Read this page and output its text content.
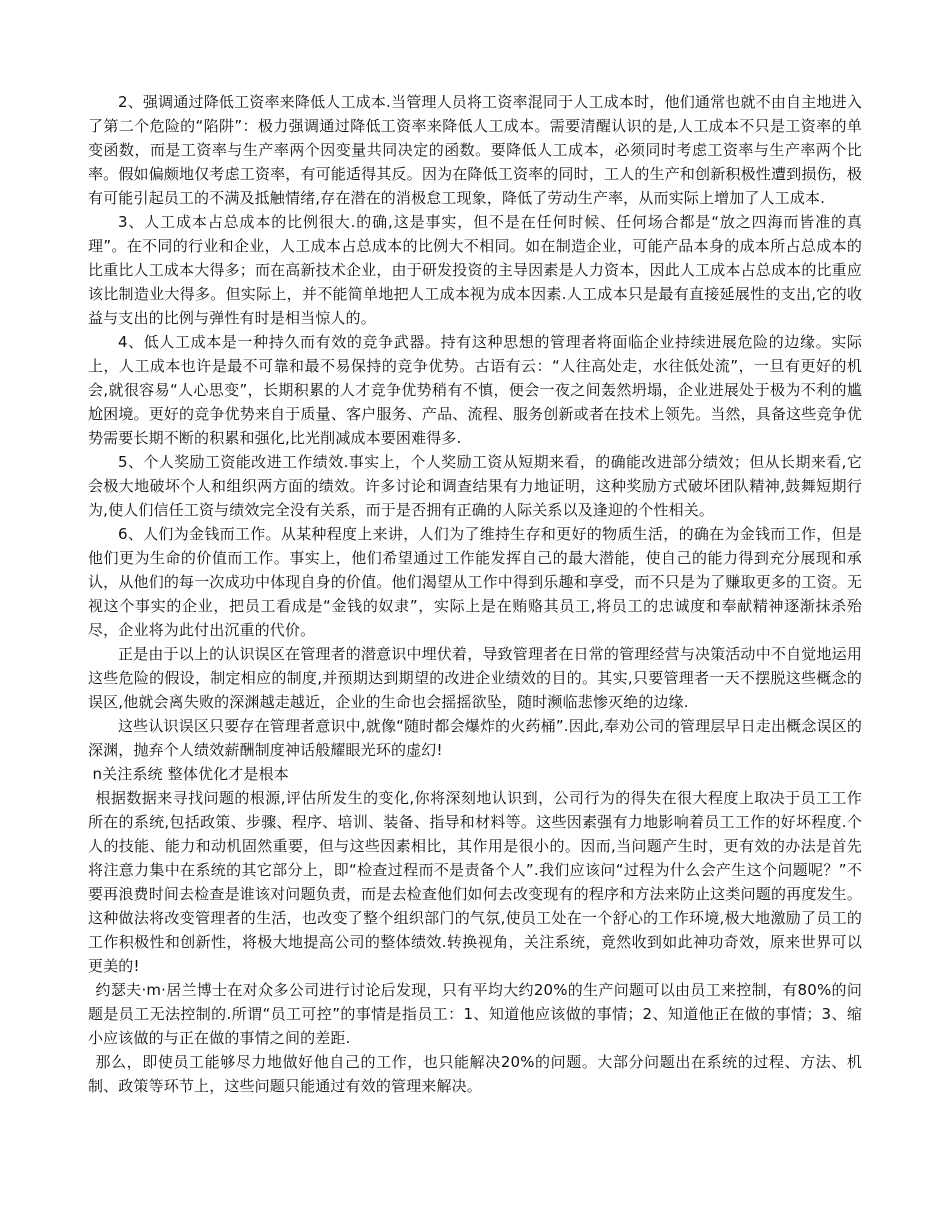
2、强调通过降低工资率来降低人工成本.当管理人员将工资率混同于人工成本时，他们通常也就不由自主地进入了第二个危险的“陷阱”：极力强调通过降低工资率来降低人工成本。需要清醒认识的是,人工成本不只是工资率的单变函数，而是工资率与生产率两个因变量共同决定的函数。要降低人工成本，必须同时考虑工资率与生产率两个比率。假如偏颇地仅考虑工资率，有可能适得其反。因为在降低工资率的同时，工人的生产和创新积极性遭到损伤，极有可能引起员工的不满及抵触情绪,存在潜在的消极怠工现象，降低了劳动生产率，从而实际上增加了人工成本.

3、人工成本占总成本的比例很大.的确,这是事实，但不是在任何时候、任何场合都是“放之四海而皆准的真理”。在不同的行业和企业，人工成本占总成本的比例大不相同。如在制造企业，可能产品本身的成本所占总成本的比重比人工成本大得多；而在高新技术企业，由于研发投资的主导因素是人力资本，因此人工成本占总成本的比重应该比制造业大得多。但实际上，并不能简单地把人工成本视为成本因素.人工成本只是最有直接延展性的支出,它的收益与支出的比例与弹性有时是相当惊人的。

4、低人工成本是一种持久而有效的竞争武器。持有这种思想的管理者将面临企业持续进展危险的边缘。实际上，人工成本也许是最不可靠和最不易保持的竞争优势。古语有云：“人往高处走，水往低处流”，一旦有更好的机会,就很容易“人心思变”，长期积累的人才竞争优势稍有不慎，便会一夜之间轰然坍塌，企业进展处于极为不利的尴尬困境。更好的竞争优势来自于质量、客户服务、产品、流程、服务创新或者在技术上领先。当然，具备这些竞争优势需要长期不断的积累和强化,比光削减成本要困难得多.

5、个人奖励工资能改进工作绩效.事实上，个人奖励工资从短期来看，的确能改进部分绩效；但从长期来看,它会极大地破坏个人和组织两方面的绩效。许多讨论和调查结果有力地证明，这种奖励方式破坏团队精神,鼓舞短期行为,使人们信任工资与绩效完全没有关系，而于是否拥有正确的人际关系以及逢迎的个性相关。

6、人们为金钱而工作。从某种程度上来讲，人们为了维持生存和更好的物质生活，的确在为金钱而工作，但是他们更为生命的价值而工作。事实上，他们希望通过工作能发挥自己的最大潜能，使自己的能力得到充分展现和承认，从他们的每一次成功中体现自身的价值。他们渴望从工作中得到乐趣和享受，而不只是为了赚取更多的工资。无视这个事实的企业，把员工看成是“金钱的奴隶”，实际上是在贿赂其员工,将员工的忠诚度和奉献精神逐渐抹杀殆尽，企业将为此付出沉重的代价。

正是由于以上的认识误区在管理者的潜意识中埋伏着，导致管理者在日常的管理经营与决策活动中不自觉地运用这些危险的假设，制定相应的制度,并预期达到期望的改进企业绩效的目的。其实,只要管理者一天不摆脱这些概念的误区,他就会离失败的深渊越走越近，企业的生命也会摇摇欲坠，随时濒临悲惨灭绝的边缘.

这些认识误区只要存在管理者意识中,就像“随时都会爆炸的火药桶”.因此,奉劝公司的管理层早日走出概念误区的深渊，抛弃个人绩效薪酬制度神话般耀眼光环的虚幻!

n关注系统 整体优化才是根本

根据数据来寻找问题的根源,评估所发生的变化,你将深刻地认识到，公司行为的得失在很大程度上取决于员工工作所在的系统,包括政策、步骤、程序、培训、装备、指导和材料等。这些因素强有力地影响着员工工作的好坏程度.个人的技能、能力和动机固然重要，但与这些因素相比，其作用是很小的。因而,当问题产生时，更有效的办法是首先将注意力集中在系统的其它部分上，即“检查过程而不是责备个人”.我们应该问“过程为什么会产生这个问题呢？”不要再浪费时间去检查是谁该对问题负责，而是去检查他们如何去改变现有的程序和方法来防止这类问题的再度发生。这种做法将改变管理者的生活，也改变了整个组织部门的气氛,使员工处在一个舒心的工作环境,极大地激励了员工的工作积极性和创新性，将极大地提高公司的整体绩效.转换视角，关注系统，竟然收到如此神功奇效，原来世界可以更美的!

约瑟夫·m·居兰博士在对众多公司进行讨论后发现，只有平均大约20%的生产问题可以由员工来控制，有80%的问题是员工无法控制的.所谓“员工可控”的事情是指员工：1、知道他应该做的事情；2、知道他正在做的事情；3、缩小应该做的与正在做的事情之间的差距.

那么，即使员工能够尽力地做好他自己的工作，也只能解决20%的问题。大部分问题出在系统的过程、方法、机制、政策等环节上，这些问题只能通过有效的管理来解决。
